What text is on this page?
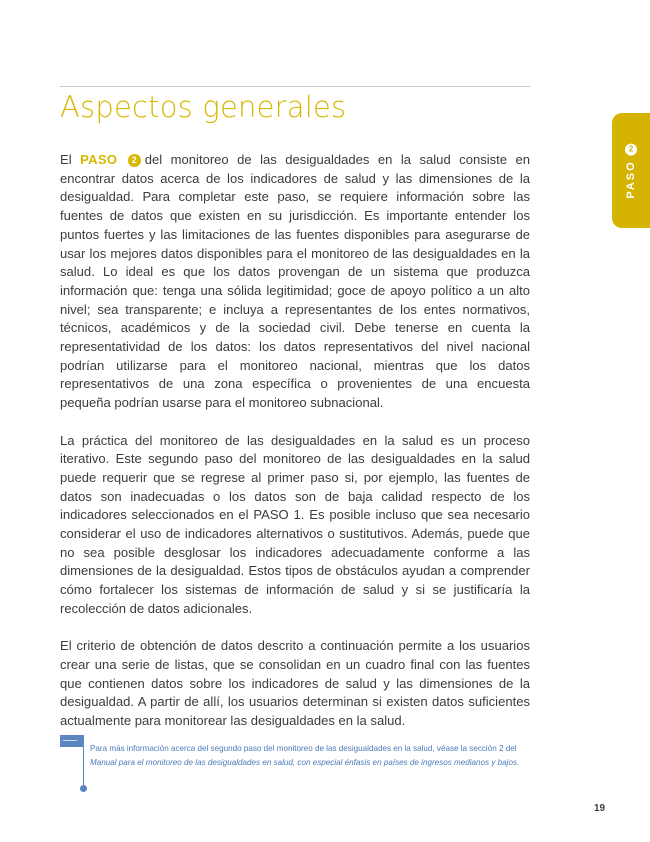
Aspectos generales
PASO
2

El PASO 2 del monitoreo de las desigualdades en la salud consiste en encontrar datos acerca de los indicadores de salud y las dimensiones de la desigualdad. Para completar este paso, se requiere información sobre las fuentes de datos que existen en su jurisdicción. Es importante entender los puntos fuertes y las limitaciones de las fuentes disponibles para asegurarse de usar los mejores datos disponibles para el monitoreo de las desigualdades en la salud. Lo ideal es que los datos provengan de un sistema que produzca información que: tenga una sólida legitimidad; goce de apoyo político a un alto nivel; sea transparente; e incluya a representantes de los entes normativos, técnicos, académicos y de la sociedad civil. Debe tenerse en cuenta la representatividad de los datos: los datos representativos del nivel nacional podrían utilizarse para el monitoreo nacional, mientras que los datos representativos de una zona específica o provenientes de una encuesta pequeña podrían usarse para el monitoreo subnacional.

La práctica del monitoreo de las desigualdades en la salud es un proceso iterativo. Este segundo paso del monitoreo de las desigualdades en la salud puede requerir que se regrese al primer paso si, por ejemplo, las fuentes de datos son inadecuadas o los datos son de baja calidad respecto de los indicadores seleccionados en el PASO 1. Es posible incluso que sea necesario considerar el uso de indicadores alternativos o sustitutivos. Además, puede que no sea posible desglosar los indicadores adecuadamente conforme a las dimensiones de la desigualdad. Estos tipos de obstáculos ayudan a comprender cómo fortalecer los sistemas de información de salud y si se justificaría la recolección de datos adicionales.

El criterio de obtención de datos descrito a continuación permite a los usuarios crear una serie de listas, que se consolidan en un cuadro final con las fuentes que contienen datos sobre los indicadores de salud y las dimensiones de la desigualdad. A partir de allí, los usuarios determinan si existen datos suficientes actualmente para monitorear las desigualdades en la salud.

Para más información acerca del segundo paso del monitoreo de las desigualdades en la salud, véase la sección 2 del Manual para el monitoreo de las desigualdades en salud, con especial énfasis en países de ingresos medianos y bajos.
19
